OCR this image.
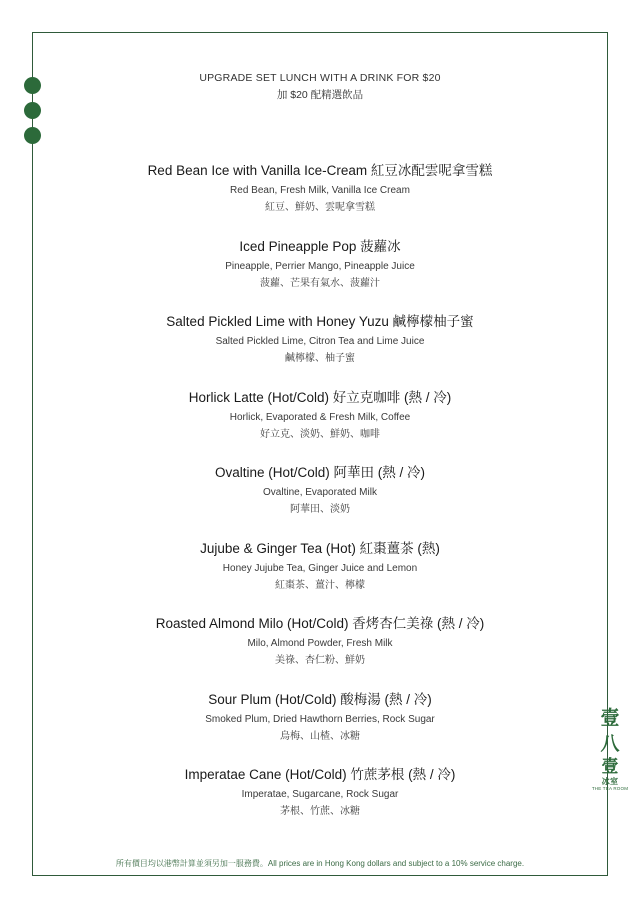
UPGRADE SET LUNCH WITH A DRINK FOR $20
加 $20 配精選飲品
Red Bean Ice with Vanilla Ice-Cream 紅豆冰配雲呢拿雪糕
Red Bean, Fresh Milk, Vanilla Ice Cream
紅豆、鮮奶、雲呢拿雪糕
Iced Pineapple Pop 菠蘿冰
Pineapple, Perrier Mango, Pineapple Juice
菠蘿、芒果有氣水、菠蘿汁
Salted Pickled Lime with Honey Yuzu 鹹檸檬柚子蜜
Salted Pickled Lime, Citron Tea and Lime Juice
鹹檸檬、柚子蜜
Horlick Latte (Hot/Cold) 好立克咖啡 (熱 / 冷)
Horlick, Evaporated & Fresh Milk, Coffee
好立克、淡奶、鮮奶、咖啡
Ovaltine (Hot/Cold) 阿華田 (熱 / 冷)
Ovaltine, Evaporated Milk
阿華田、淡奶
Jujube & Ginger Tea (Hot) 紅棗薑茶 (熱)
Honey Jujube Tea, Ginger Juice and Lemon
紅棗茶、薑汁、檸檬
Roasted Almond Milo (Hot/Cold) 香烤杏仁美祿 (熱 / 冷)
Milo, Almond Powder, Fresh Milk
美祿、杏仁粉、鮮奶
Sour Plum (Hot/Cold) 酸梅湯 (熱 / 冷)
Smoked Plum, Dried Hawthorn Berries, Rock Sugar
烏梅、山楂、冰糖
Imperatae Cane (Hot/Cold) 竹蔗茅根 (熱 / 冷)
Imperatae, Sugarcane, Rock Sugar
茅根、竹蔗、冰糖
壹
八
壹
冰室
THE TEA ROOM
所有價目均以港幣計算並須另加一服務費。All prices are in Hong Kong dollars and subject to a 10% service charge.
